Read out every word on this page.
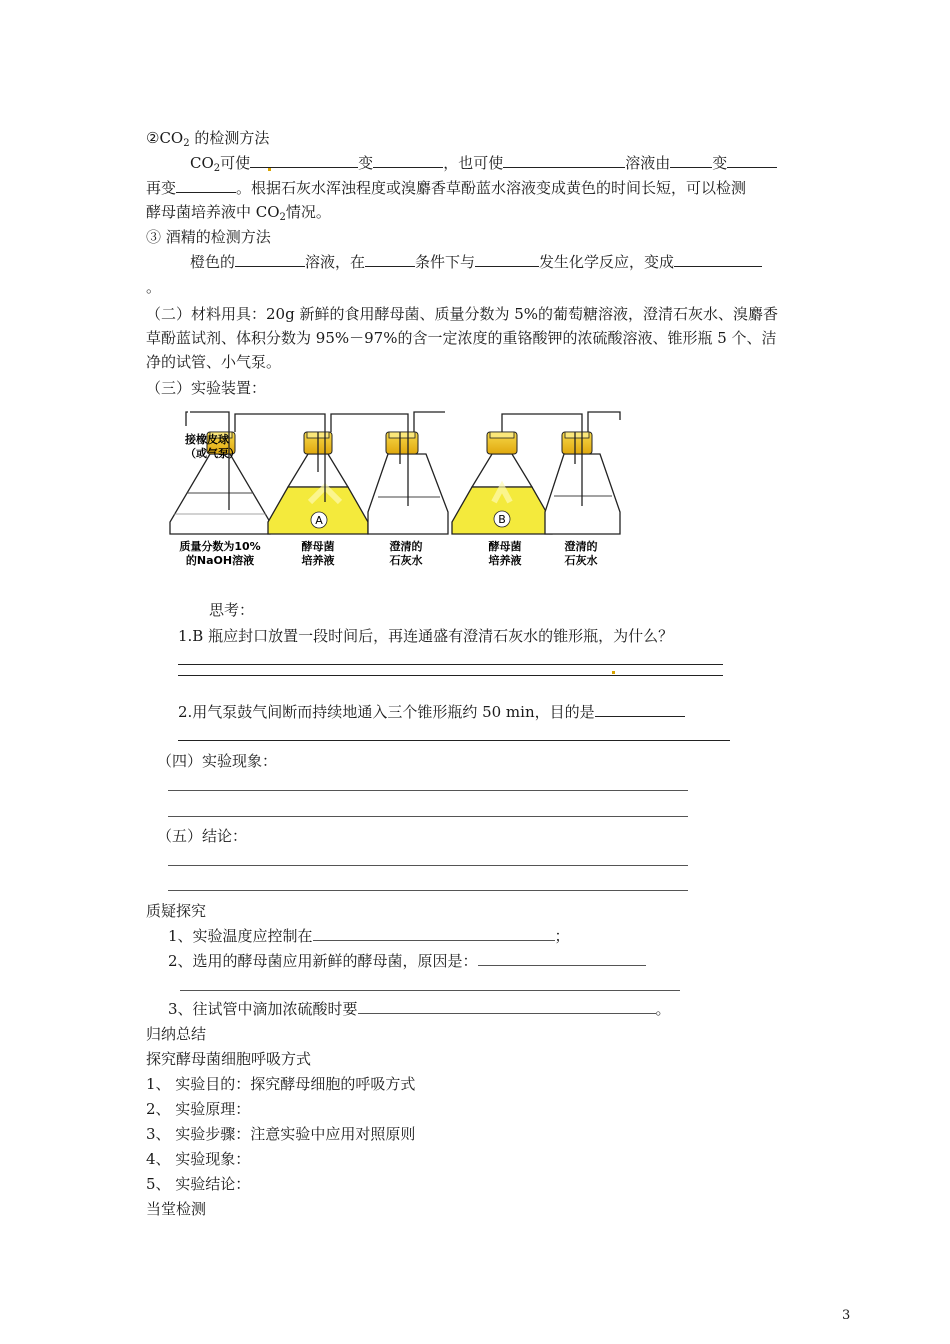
$②CO_2$ 的检测方法
$CO_2$可使	变	，也可使	溶液由	变
再变	。根据石灰水浑浊程度或溴麝香草酚蓝水溶液变成黄色的时间长短，可以检测
酵母菌培养液中 $CO_2$情况。
③ 酒精的检测方法
橙色的	溶液，在	条件下与	发生化学反应，变成
。
（二）材料用具：20g 新鲜的食用酵母菌、质量分数为 5%的葡萄糖溶液，澄清石灰水、溴麝香
草酚蓝试剂、体积分数为 95%－97%的含一定浓度的重铬酸钾的浓硫酸溶液、锥形瓶 5 个、洁
净的试管、小气泵。
（三）实验装置：
A	B
接橡皮球
（或气泵）
质量分数为10%
的NaOH溶液
酵母菌
培养液
澄清的
石灰水
酵母菌
培养液
澄清的
石灰水
思考：
1.B 瓶应封口放置一段时间后，再连通盛有澄清石灰水的锥形瓶，为什么？
2.用气泵鼓气间断而持续地通入三个锥形瓶约 50 min，目的是
（四）实验现象：
（五）结论：
质疑探究
1、实验温度应控制在	；
2、选用的酵母菌应用新鲜的酵母菌，原因是：
3、往试管中滴加浓硫酸时要	。
归纳总结
探究酵母菌细胞呼吸方式
1、 实验目的：探究酵母细胞的呼吸方式
2、 实验原理：
3、 实验步骤：注意实验中应用对照原则
4、 实验现象：
5、 实验结论：
当堂检测
3
